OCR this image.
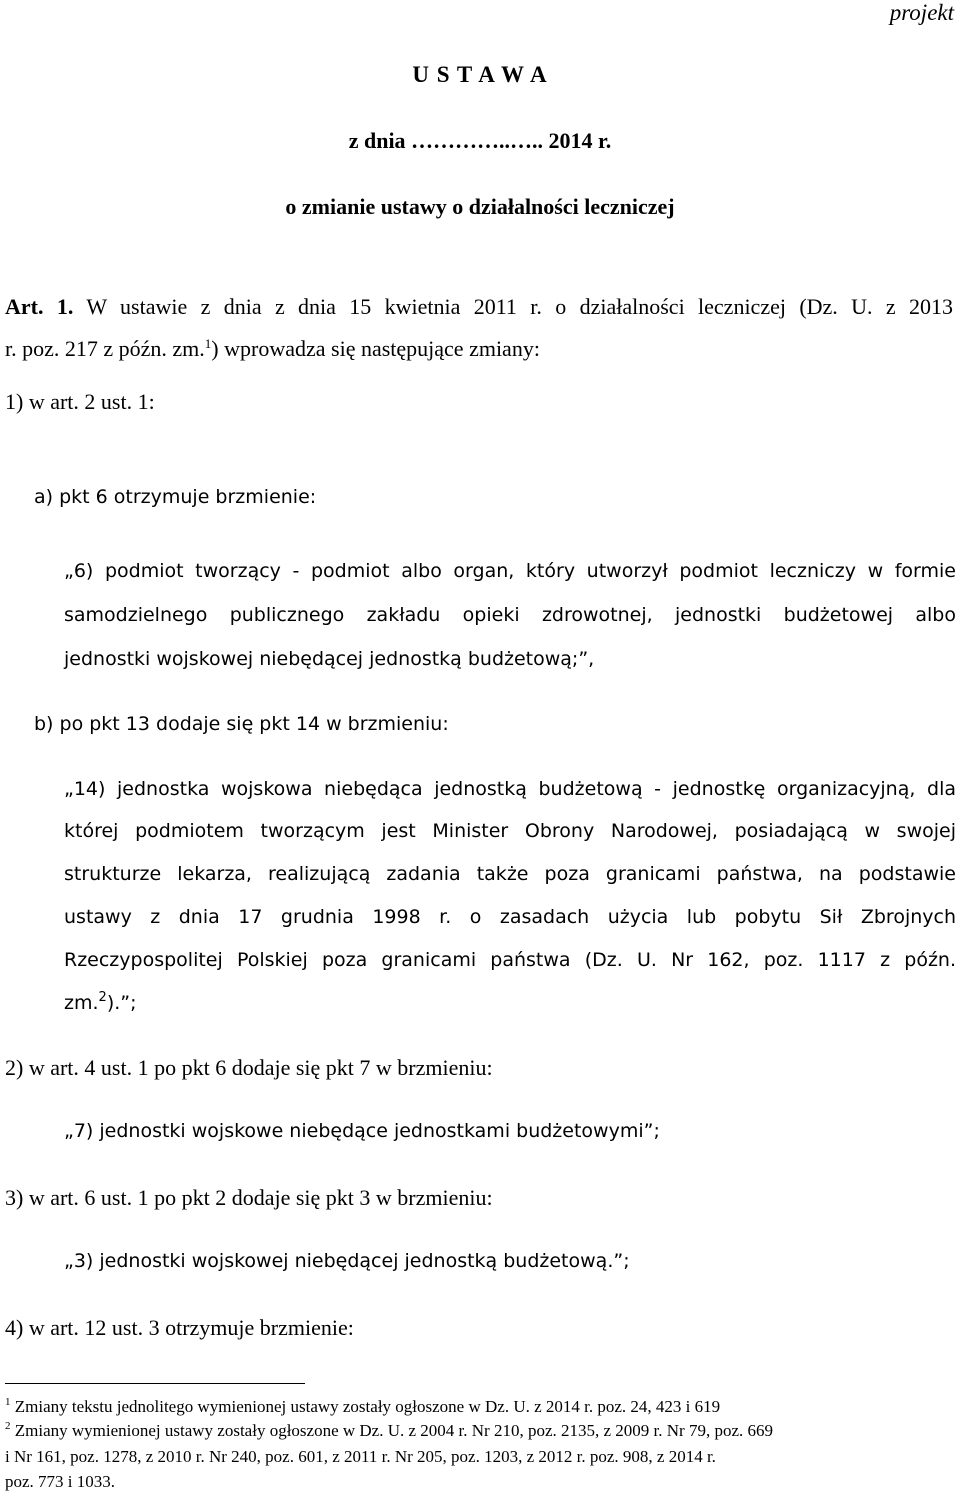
projekt
U S T A W A
z dnia …………..….. 2014 r.
o zmianie ustawy o działalności leczniczej
Art. 1. W ustawie z dnia z dnia 15 kwietnia 2011 r. o działalności leczniczej (Dz. U. z 2013
r. poz. 217 z późn. zm.$^1$) wprowadza się następujące zmiany:
1) w art. 2 ust. 1:
a) pkt 6 otrzymuje brzmienie:
„6) podmiot tworzący - podmiot albo organ, który utworzył podmiot leczniczy w formie
samodzielnego publicznego zakładu opieki zdrowotnej, jednostki budżetowej albo
jednostki wojskowej niebędącej jednostką budżetową;”,
b) po pkt 13 dodaje się pkt 14 w brzmieniu:
„14) jednostka wojskowa niebędąca jednostką budżetową - jednostkę organizacyjną, dla
której podmiotem tworzącym jest Minister Obrony Narodowej, posiadającą w swojej
strukturze lekarza, realizującą zadania także poza granicami państwa, na podstawie
ustawy z dnia 17 grudnia 1998 r. o zasadach użycia lub pobytu Sił Zbrojnych
Rzeczypospolitej Polskiej poza granicami państwa (Dz. U. Nr 162, poz. 1117 z późn.
zm.$^2$).”;
2) w art. 4 ust. 1 po pkt 6 dodaje się pkt 7 w brzmieniu:
„7) jednostki wojskowe niebędące jednostkami budżetowymi”;
3) w art. 6 ust. 1 po pkt 2 dodaje się pkt 3 w brzmieniu:
„3) jednostki wojskowej niebędącej jednostką budżetową.”;
4) w art. 12 ust. 3 otrzymuje brzmienie:
$^1$ Zmiany tekstu jednolitego wymienionej ustawy zostały ogłoszone w Dz. U. z 2014 r. poz. 24, 423 i 619
$^2$ Zmiany wymienionej ustawy zostały ogłoszone w Dz. U. z 2004 r. Nr 210, poz. 2135, z 2009 r. Nr 79, poz. 669
i Nr 161, poz. 1278, z 2010 r. Nr 240, poz. 601, z 2011 r. Nr 205, poz. 1203, z 2012 r. poz. 908, z 2014 r.
poz. 773 i 1033.
